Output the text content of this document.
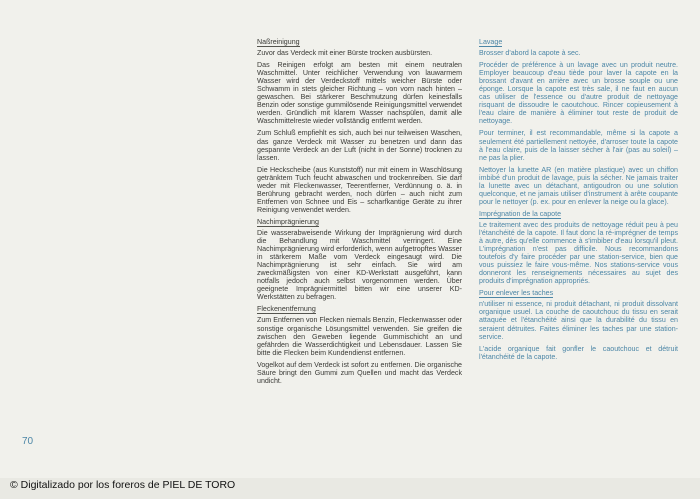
Naßreinigung

Zuvor das Verdeck mit einer Bürste trocken ausbürsten.

Das Reinigen erfolgt am besten mit einem neutralen Waschmittel. Unter reichlicher Verwendung von lauwarmem Wasser wird der Verdeckstoff mittels weicher Bürste oder Schwamm in stets gleicher Richtung – von vorn nach hinten – gewaschen. Bei stärkerer Beschmutzung dürfen keinesfalls Benzin oder sonstige gummilösende Reinigungsmittel verwendet werden. Gründlich mit klarem Wasser nachspülen, damit alle Waschmittelreste wieder vollständig entfernt werden.

Zum Schluß empfiehlt es sich, auch bei nur teilweisen Waschen, das ganze Verdeck mit Wasser zu benetzen und dann das gespannte Verdeck an der Luft (nicht in der Sonne) trocknen zu lassen.

Die Heckscheibe (aus Kunststoff) nur mit einem in Waschlösung getränktem Tuch feucht abwaschen und trockenreiben. Sie darf weder mit Fleckenwasser, Teerentferner, Verdünnung o. ä. in Berührung gebracht werden, noch dürfen – auch nicht zum Entfernen von Schnee und Eis – scharfkantige Geräte zu ihrer Reinigung verwendet werden.

Nachimprägnierung

Die wasserabweisende Wirkung der Imprägnierung wird durch die Behandlung mit Waschmittel verringert. Eine Nachimprägnierung wird erforderlich, wenn aufgetropftes Wasser in stärkerem Maße vom Verdeck eingesaugt wird. Die Nachimprägnierung ist sehr einfach. Sie wird am zweckmäßigsten von einer KD-Werkstatt ausgeführt, kann notfalls jedoch auch selbst vorgenommen werden. Über geeignete Imprägniermittel bitten wir eine unserer KD-Werkstätten zu befragen.

Fleckenentfernung

Zum Entfernen von Flecken niemals Benzin, Fleckenwasser oder sonstige organische Lösungsmittel verwenden. Sie greifen die zwischen den Geweben liegende Gummischicht an und gefährden die Wasserdichtigkeit und Lebensdauer. Lassen Sie bitte die Flecken beim Kundendienst entfernen.

Vogelkot auf dem Verdeck ist sofort zu entfernen. Die organische Säure bringt den Gummi zum Quellen und macht das Verdeck undicht.

Lavage

Brosser d'abord la capote à sec.

Procéder de préférence à un lavage avec un produit neutre. Employer beaucoup d'eau tiède pour laver la capote en la brossant d'avant en arrière avec un brosse souple ou une éponge. Lorsque la capote est très sale, il ne faut en aucun cas utiliser de l'essence ou d'autre produit de nettoyage risquant de dissoudre le caoutchouc. Rincer copieusement à l'eau claire de manière à éliminer tout reste de produit de nettoyage.

Pour terminer, il est recommandable, même si la capote a seulement été partiellement nettoyée, d'arroser toute la capote à l'eau claire, puis de la laisser sécher à l'air (pas au soleil) – ne pas la plier.

Nettoyer la lunette AR (en matière plastique) avec un chiffon imbibé d'un produit de lavage, puis la sécher. Ne jamais traiter la lunette avec un détachant, antigoudron ou une solution quelconque, et ne jamais utiliser d'instrument à arête coupante pour le nettoyer (p. ex. pour en enlever la neige ou la glace).

Imprégnation de la capote

Le traitement avec des produits de nettoyage réduit peu à peu l'étanchéité de la capote. Il faut donc la ré-imprégner de temps à autre, dès qu'elle commence à s'imbiber d'eau lorsqu'il pleut. L'imprégnation n'est pas difficile. Nous recommandons toutefois d'y faire procéder par une station-service, bien que vous puissiez le faire vous-même. Nos stations-service vous donneront les renseignements nécessaires au sujet des produits d'imprégnation appropriés.

Pour enlever les taches

n'utiliser ni essence, ni produit détachant, ni produit dissolvant organique usuel. La couche de caoutchouc du tissu en serait attaquée et l'étanchéité ainsi que la durabilité du tissu en seraient détruites. Faites éliminer les taches par une station-service.

L'acide organique fait gonfler le caoutchouc et détruit l'étanchéité de la capote.

70
© Digitalizado por los foreros de PIEL DE TORO
